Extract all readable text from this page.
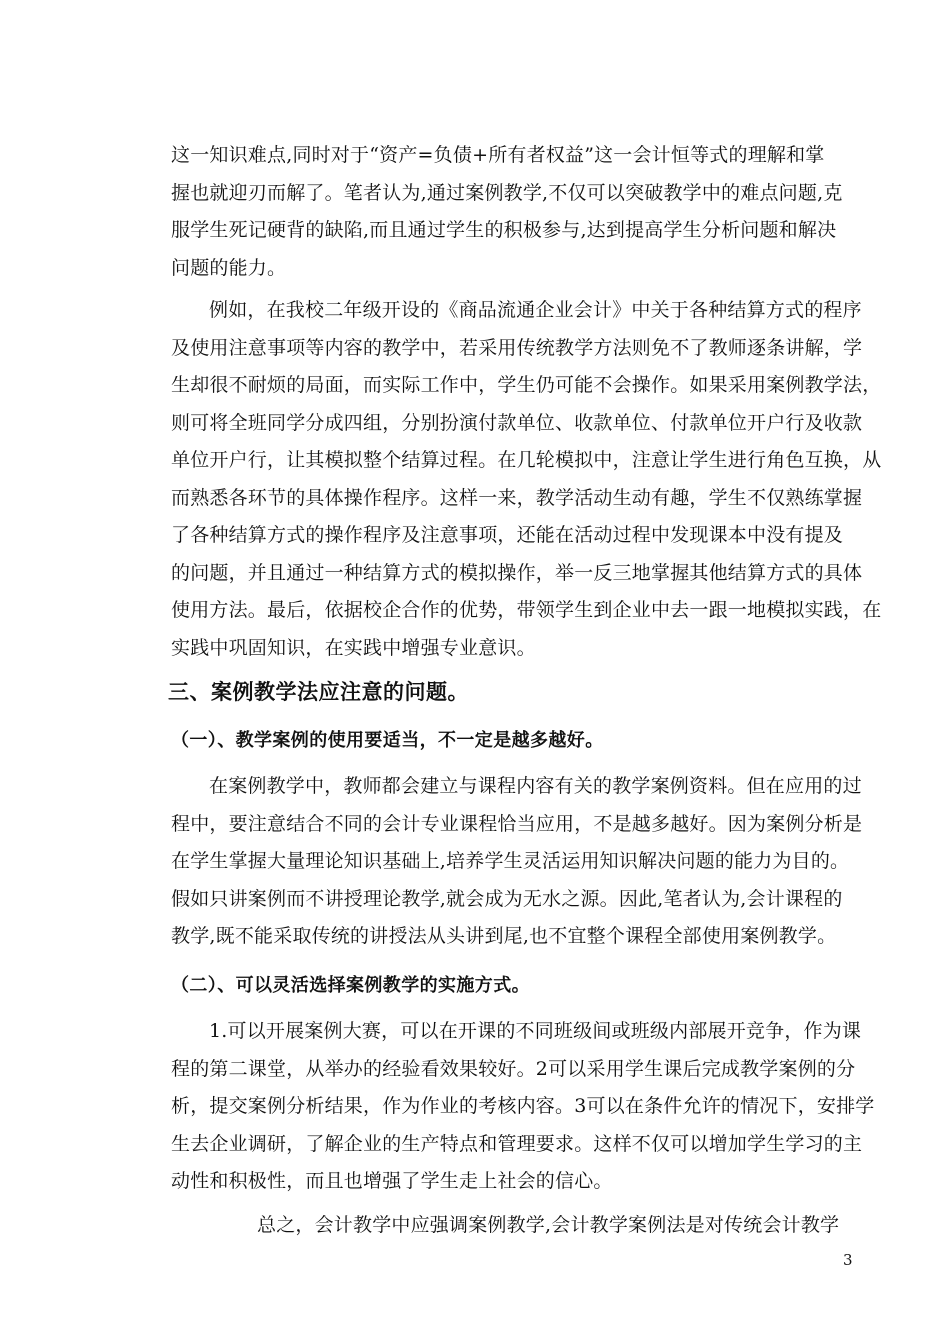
这一知识难点,同时对于“资产=负债+所有者权益”这一会计恒等式的理解和掌
握也就迎刃而解了。笔者认为,通过案例教学,不仅可以突破教学中的难点问题,克
服学生死记硬背的缺陷,而且通过学生的积极参与,达到提高学生分析问题和解决
问题的能力。

例如，在我校二年级开设的《商品流通企业会计》中关于各种结算方式的程序
及使用注意事项等内容的教学中，若采用传统教学方法则免不了教师逐条讲解，学
生却很不耐烦的局面，而实际工作中，学生仍可能不会操作。如果采用案例教学法，
则可将全班同学分成四组，分别扮演付款单位、收款单位、付款单位开户行及收款
单位开户行，让其模拟整个结算过程。在几轮模拟中，注意让学生进行角色互换，从
而熟悉各环节的具体操作程序。这样一来，教学活动生动有趣，学生不仅熟练掌握
了各种结算方式的操作程序及注意事项，还能在活动过程中发现课本中没有提及
的问题，并且通过一种结算方式的模拟操作，举一反三地掌握其他结算方式的具体
使用方法。最后，依据校企合作的优势，带领学生到企业中去一跟一地模拟实践，在
实践中巩固知识，在实践中增强专业意识。

三、案例教学法应注意的问题。
（一）、教学案例的使用要适当，不一定是越多越好。

在案例教学中，教师都会建立与课程内容有关的教学案例资料。但在应用的过
程中，要注意结合不同的会计专业课程恰当应用，不是越多越好。因为案例分析是
在学生掌握大量理论知识基础上,培养学生灵活运用知识解决问题的能力为目的。
假如只讲案例而不讲授理论教学,就会成为无水之源。因此,笔者认为,会计课程的
教学,既不能采取传统的讲授法从头讲到尾,也不宜整个课程全部使用案例教学。

（二）、可以灵活选择案例教学的实施方式。

1.可以开展案例大赛，可以在开课的不同班级间或班级内部展开竞争，作为课
程的第二课堂，从举办的经验看效果较好。2可以采用学生课后完成教学案例的分
析，提交案例分析结果，作为作业的考核内容。3可以在条件允许的情况下，安排学
生去企业调研，了解企业的生产特点和管理要求。这样不仅可以增加学生学习的主
动性和积极性，而且也增强了学生走上社会的信心。

总之，会计教学中应强调案例教学,会计教学案例法是对传统会计教学

3
